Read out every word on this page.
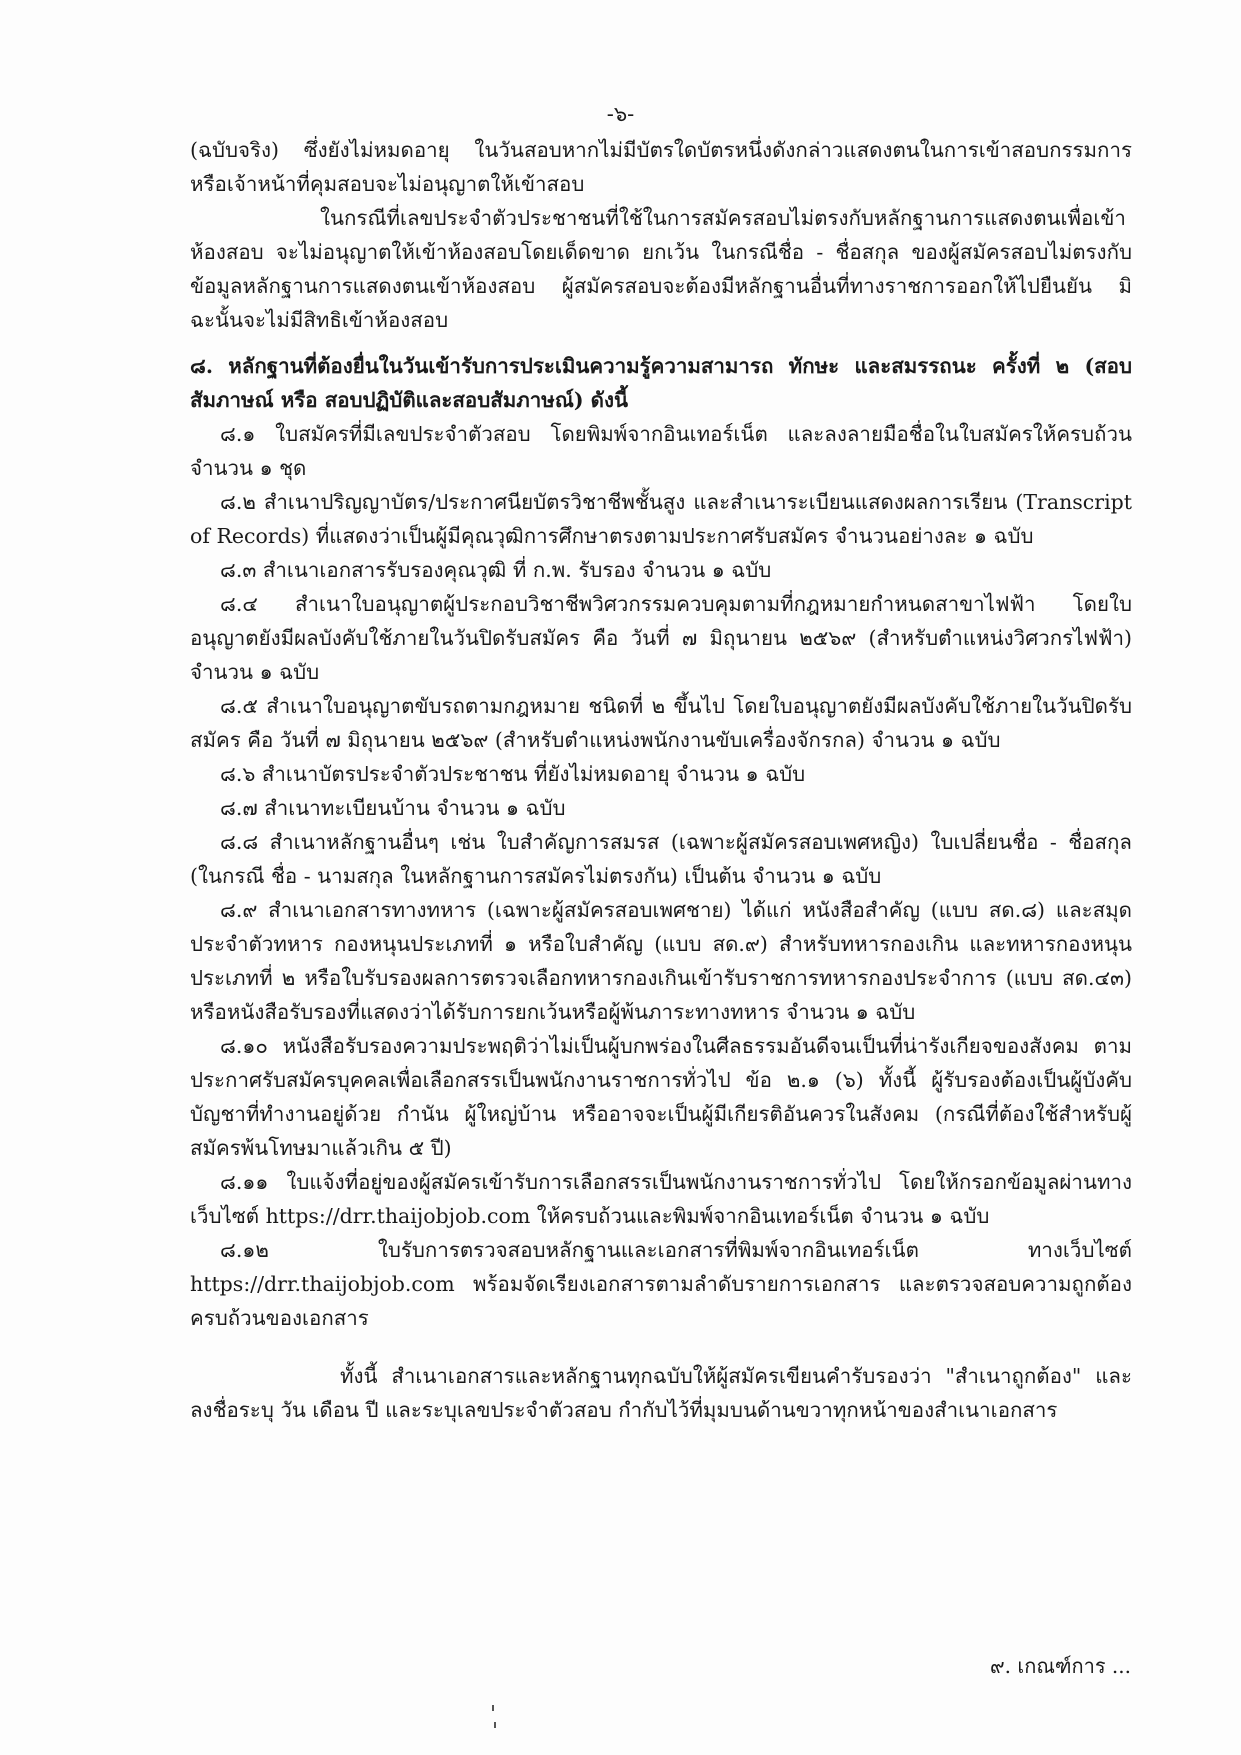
-๖-

(ฉบับจริง) ซึ่งยังไม่หมดอายุ ในวันสอบหากไม่มีบัตรใดบัตรหนึ่งดังกล่าวแสดงตนในการเข้าสอบกรรมการหรือเจ้าหน้าที่คุมสอบจะไม่อนุญาตให้เข้าสอบ

ในกรณีที่เลขประจำตัวประชาชนที่ใช้ในการสมัครสอบไม่ตรงกับหลักฐานการแสดงตนเพื่อเข้าห้องสอบ จะไม่อนุญาตให้เข้าห้องสอบโดยเด็ดขาด ยกเว้น ในกรณีชื่อ - ชื่อสกุล ของผู้สมัครสอบไม่ตรงกับข้อมูลหลักฐานการแสดงตนเข้าห้องสอบ ผู้สมัครสอบจะต้องมีหลักฐานอื่นที่ทางราชการออกให้ไปยืนยัน มิฉะนั้นจะไม่มีสิทธิเข้าห้องสอบ

๘. หลักฐานที่ต้องยื่นในวันเข้ารับการประเมินความรู้ความสามารถ ทักษะ และสมรรถนะ ครั้งที่ ๒ (สอบสัมภาษณ์ หรือ สอบปฏิบัติและสอบสัมภาษณ์) ดังนี้

๘.๑ ใบสมัครที่มีเลขประจำตัวสอบ โดยพิมพ์จากอินเทอร์เน็ต และลงลายมือชื่อในใบสมัครให้ครบถ้วน จำนวน ๑ ชุด

๘.๒ สำเนาปริญญาบัตร/ประกาศนียบัตรวิชาชีพชั้นสูง และสำเนาระเบียนแสดงผลการเรียน (Transcript of Records) ที่แสดงว่าเป็นผู้มีคุณวุฒิการศึกษาตรงตามประกาศรับสมัคร จำนวนอย่างละ ๑ ฉบับ

๘.๓ สำเนาเอกสารรับรองคุณวุฒิ ที่ ก.พ. รับรอง จำนวน ๑ ฉบับ

๘.๔ สำเนาใบอนุญาตผู้ประกอบวิชาชีพวิศวกรรมควบคุมตามที่กฎหมายกำหนดสาขาไฟฟ้า โดยใบอนุญาตยังมีผลบังคับใช้ภายในวันปิดรับสมัคร คือ วันที่ ๗ มิถุนายน ๒๕๖๙ (สำหรับตำแหน่งวิศวกรไฟฟ้า) จำนวน ๑ ฉบับ

๘.๕ สำเนาใบอนุญาตขับรถตามกฎหมาย ชนิดที่ ๒ ขึ้นไป โดยใบอนุญาตยังมีผลบังคับใช้ภายในวันปิดรับสมัคร คือ วันที่ ๗ มิถุนายน ๒๕๖๙ (สำหรับตำแหน่งพนักงานขับเครื่องจักรกล) จำนวน ๑ ฉบับ

๘.๖ สำเนาบัตรประจำตัวประชาชน ที่ยังไม่หมดอายุ จำนวน ๑ ฉบับ

๘.๗ สำเนาทะเบียนบ้าน จำนวน ๑ ฉบับ

๘.๘ สำเนาหลักฐานอื่นๆ เช่น ใบสำคัญการสมรส (เฉพาะผู้สมัครสอบเพศหญิง) ใบเปลี่ยนชื่อ - ชื่อสกุล (ในกรณี ชื่อ - นามสกุล ในหลักฐานการสมัครไม่ตรงกัน) เป็นต้น จำนวน ๑ ฉบับ

๘.๙ สำเนาเอกสารทางทหาร (เฉพาะผู้สมัครสอบเพศชาย) ได้แก่ หนังสือสำคัญ (แบบ สด.๘) และสมุดประจำตัวทหาร กองหนุนประเภทที่ ๑ หรือใบสำคัญ (แบบ สด.๙) สำหรับทหารกองเกิน และทหารกองหนุนประเภทที่ ๒ หรือใบรับรองผลการตรวจเลือกทหารกองเกินเข้ารับราชการทหารกองประจำการ (แบบ สด.๔๓) หรือหนังสือรับรองที่แสดงว่าได้รับการยกเว้นหรือผู้พ้นภาระทางทหาร จำนวน ๑ ฉบับ

๘.๑๐ หนังสือรับรองความประพฤติว่าไม่เป็นผู้บกพร่องในศีลธรรมอันดีจนเป็นที่น่ารังเกียจของสังคม ตามประกาศรับสมัครบุคคลเพื่อเลือกสรรเป็นพนักงานราชการทั่วไป ข้อ ๒.๑ (๖) ทั้งนี้ ผู้รับรองต้องเป็นผู้บังคับบัญชาที่ทำงานอยู่ด้วย กำนัน ผู้ใหญ่บ้าน หรืออาจจะเป็นผู้มีเกียรติอันควรในสังคม (กรณีที่ต้องใช้สำหรับผู้สมัครพ้นโทษมาแล้วเกิน ๕ ปี)

๘.๑๑ ใบแจ้งที่อยู่ของผู้สมัครเข้ารับการเลือกสรรเป็นพนักงานราชการทั่วไป โดยให้กรอกข้อมูลผ่านทางเว็บไซต์ https://drr.thaijobjob.com ให้ครบถ้วนและพิมพ์จากอินเทอร์เน็ต จำนวน ๑ ฉบับ

๘.๑๒ ใบรับการตรวจสอบหลักฐานและเอกสารที่พิมพ์จากอินเทอร์เน็ต ทางเว็บไซต์ https://drr.thaijobjob.com พร้อมจัดเรียงเอกสารตามลำดับรายการเอกสาร และตรวจสอบความถูกต้องครบถ้วนของเอกสาร

ทั้งนี้ สำเนาเอกสารและหลักฐานทุกฉบับให้ผู้สมัครเขียนคำรับรองว่า "สำเนาถูกต้อง" และลงชื่อระบุ วัน เดือน ปี และระบุเลขประจำตัวสอบ กำกับไว้ที่มุมบนด้านขวาทุกหน้าของสำเนาเอกสาร

๙. เกณฑ์การ ...
